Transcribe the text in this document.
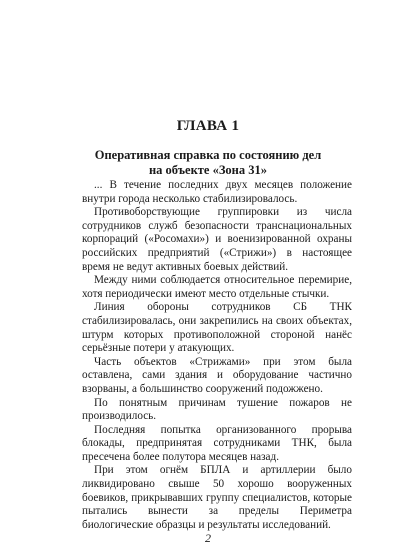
ГЛАВА 1
Оперативная справка по состоянию дел
на объекте «Зона 31»

... В течение последних двух месяцев положение внутри города несколько стабилизировалось.

Противоборствующие группировки из числа сотрудников служб безопасности транснациональных корпораций («Росомахи») и военизированной охраны российских предприятий («Стрижи») в настоящее время не ведут активных боевых действий.

Между ними соблюдается относительное перемирие, хотя периодически имеют место отдельные стычки.

Линия обороны сотрудников СБ ТНК стабилизировалась, они закрепились на своих объектах, штурм которых противоположной стороной нанёс серьёзные потери у атакующих.

Часть объектов «Стрижами» при этом была оставлена, сами здания и оборудование частично взорваны, а большинство сооружений подожжено.

По понятным причинам тушение пожаров не производилось.

Последняя попытка организованного прорыва блокады, предпринятая сотрудниками ТНК, была пресечена более полутора месяцев назад.

При этом огнём БПЛА и артиллерии было ликвидировано свыше 50 хорошо вооруженных боевиков, прикрывавших группу специалистов, которые пытались вынести за пределы Периметра биологические образцы и результаты исследований.

2
